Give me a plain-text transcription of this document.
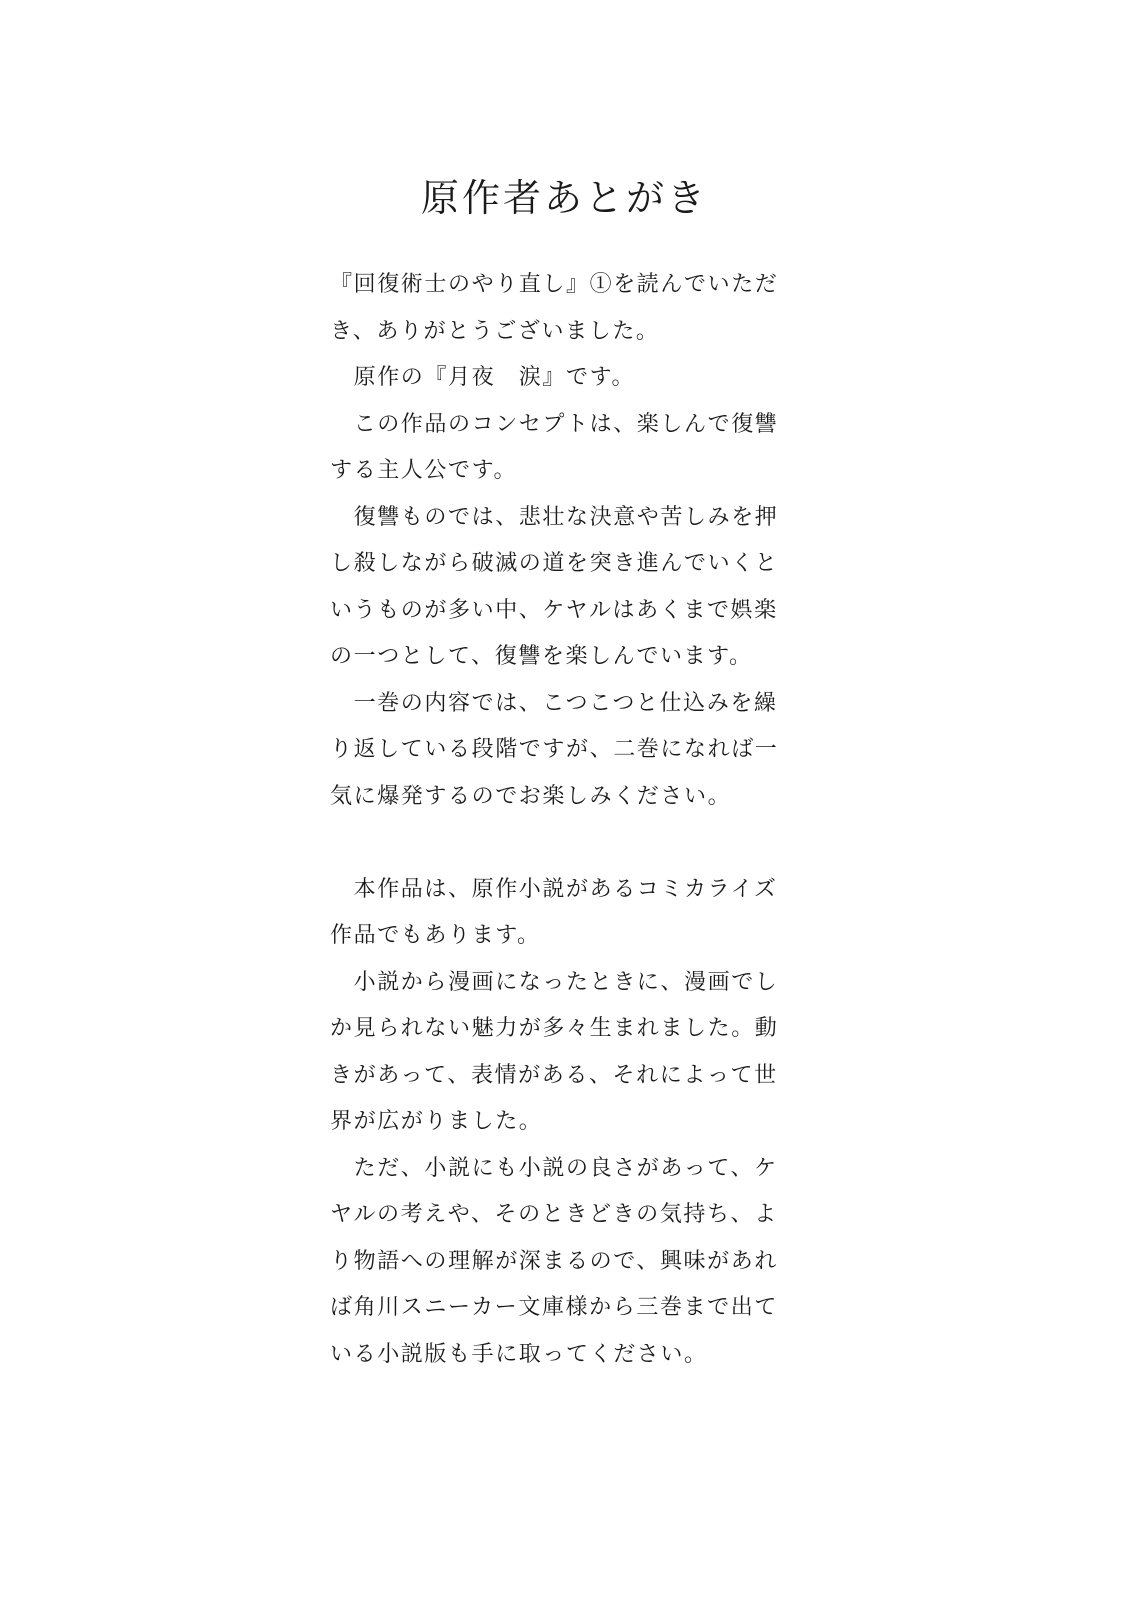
原作者あとがき
『回復術士のやり直し』①を読んでいただ
き、ありがとうございました。
　原作の『月夜　涙』です。
　この作品のコンセプトは、楽しんで復讐
する主人公です。
　復讐ものでは、悲壮な決意や苦しみを押
し殺しながら破滅の道を突き進んでいくと
いうものが多い中、ケヤルはあくまで娯楽
の一つとして、復讐を楽しんでいます。
　一巻の内容では、こつこつと仕込みを繰
り返している段階ですが、二巻になれば一
気に爆発するのでお楽しみください。
　本作品は、原作小説があるコミカライズ
作品でもあります。
　小説から漫画になったときに、漫画でし
か見られない魅力が多々生まれました。動
きがあって、表情がある、それによって世
界が広がりました。
　ただ、小説にも小説の良さがあって、ケ
ヤルの考えや、そのときどきの気持ち、よ
り物語への理解が深まるので、興味があれ
ば角川スニーカー文庫様から三巻まで出て
いる小説版も手に取ってください。
